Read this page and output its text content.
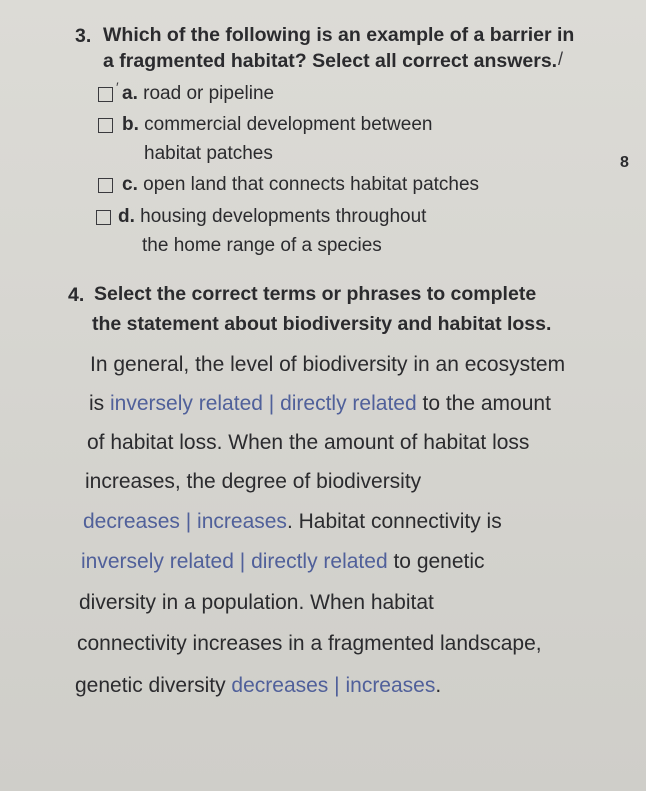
3. Which of the following is an example of a barrier in
a fragmented habitat? Select all correct answers. /
′ a. road or pipeline
b. commercial development between
habitat patches	8
c. open land that connects habitat patches
d. housing developments throughout
the home range of a species
4. Select the correct terms or phrases to complete
the statement about biodiversity and habitat loss.
In general, the level of biodiversity in an ecosystem
is inversely related | directly related to the amount
of habitat loss. When the amount of habitat loss
increases, the degree of biodiversity
decreases | increases. Habitat connectivity is
inversely related | directly related to genetic
diversity in a population. When habitat
connectivity increases in a fragmented landscape,
genetic diversity decreases | increases.
